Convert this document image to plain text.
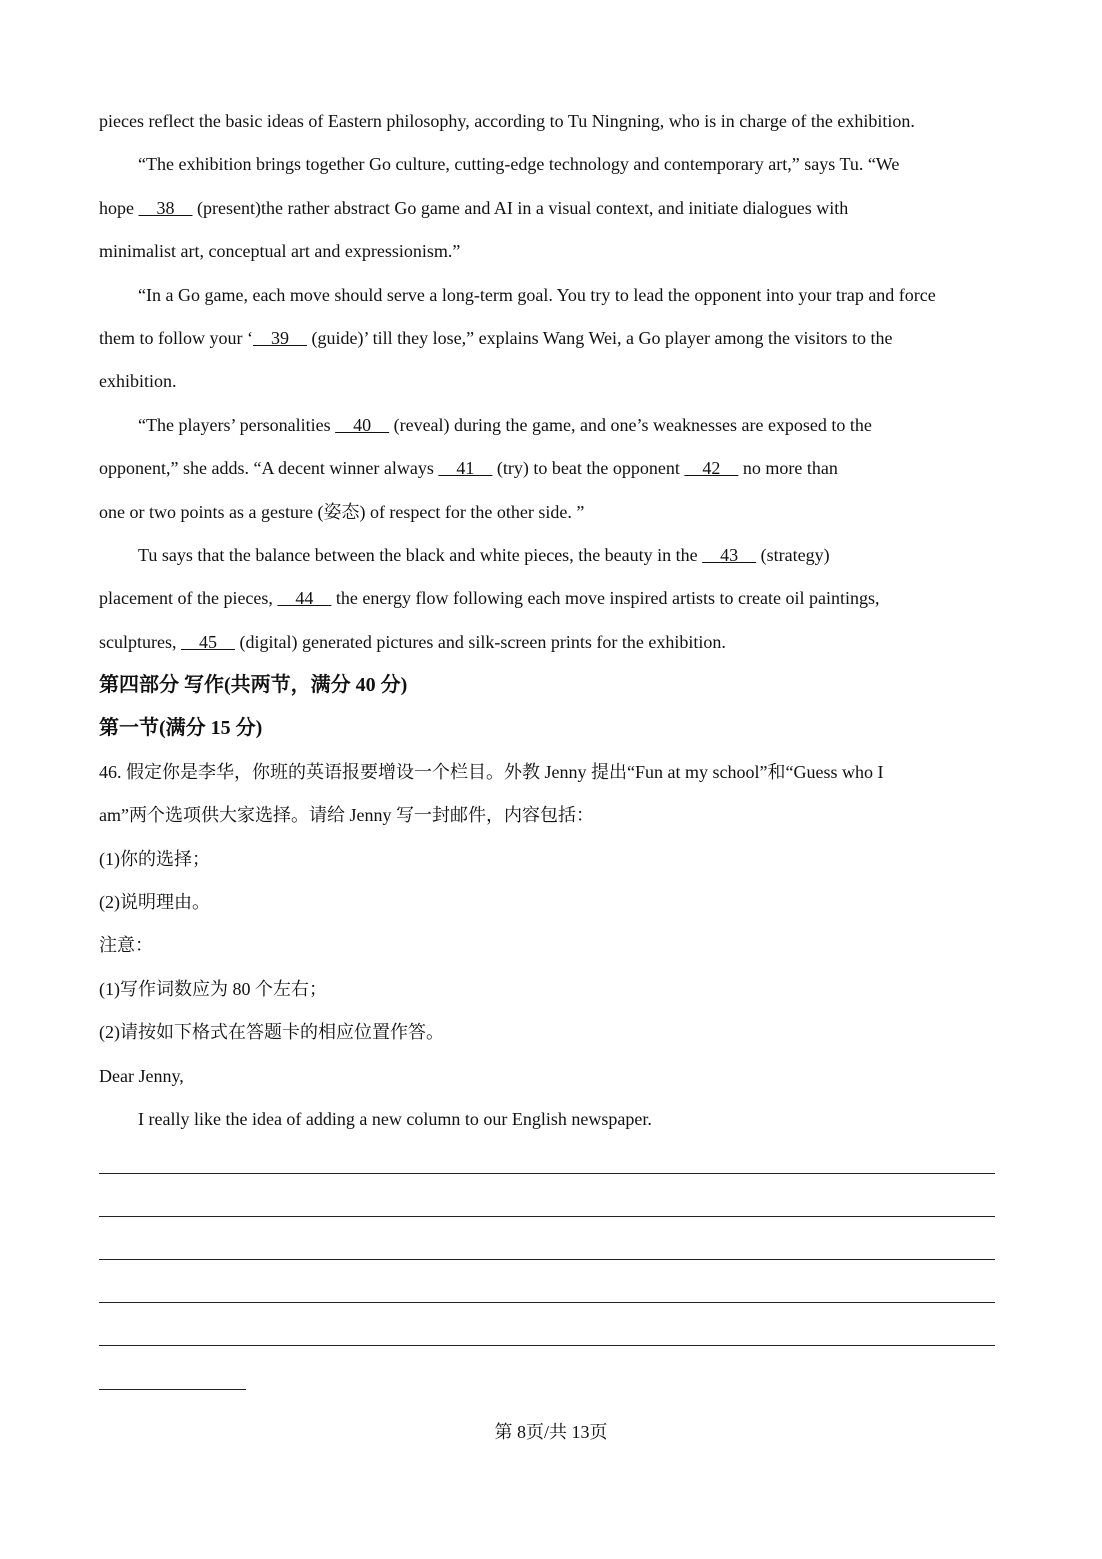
pieces reflect the basic ideas of Eastern philosophy, according to Tu Ningning, who is in charge of the exhibition.
“The exhibition brings together Go culture, cutting-edge technology and contemporary art,” says Tu. “We
hope     38     (present)the rather abstract Go game and AI in a visual context, and initiate dialogues with
minimalist art, conceptual art and expressionism.”
“In a Go game, each move should serve a long-term goal. You try to lead the opponent into your trap and force
them to follow your ‘    39     (guide)’ till they lose,” explains Wang Wei, a Go player among the visitors to the
exhibition.
“The players’ personalities     40     (reveal) during the game, and one’s weaknesses are exposed to the
opponent,” she adds. “A decent winner always     41     (try) to beat the opponent     42     no more than
one or two points as a gesture (姿态) of respect for the other side. ”
Tu says that the balance between the black and white pieces, the beauty in the     43     (strategy)
placement of the pieces,     44     the energy flow following each move inspired artists to create oil paintings,
sculptures,     45     (digital) generated pictures and silk-screen prints for the exhibition.
第四部分 写作(共两节，满分 40 分)
第一节(满分 15 分)
46. 假定你是李华，你班的英语报要增设一个栏目。外教 Jenny 提出“Fun at my school”和“Guess who I
am”两个选项供大家选择。请给 Jenny 写一封邮件，内容包括：
(1)你的选择；
(2)说明理由。
注意：
(1)写作词数应为 80 个左右；
(2)请按如下格式在答题卡的相应位置作答。
Dear Jenny,
I really like the idea of adding a new column to our English newspaper.
第 8页/共 13页
